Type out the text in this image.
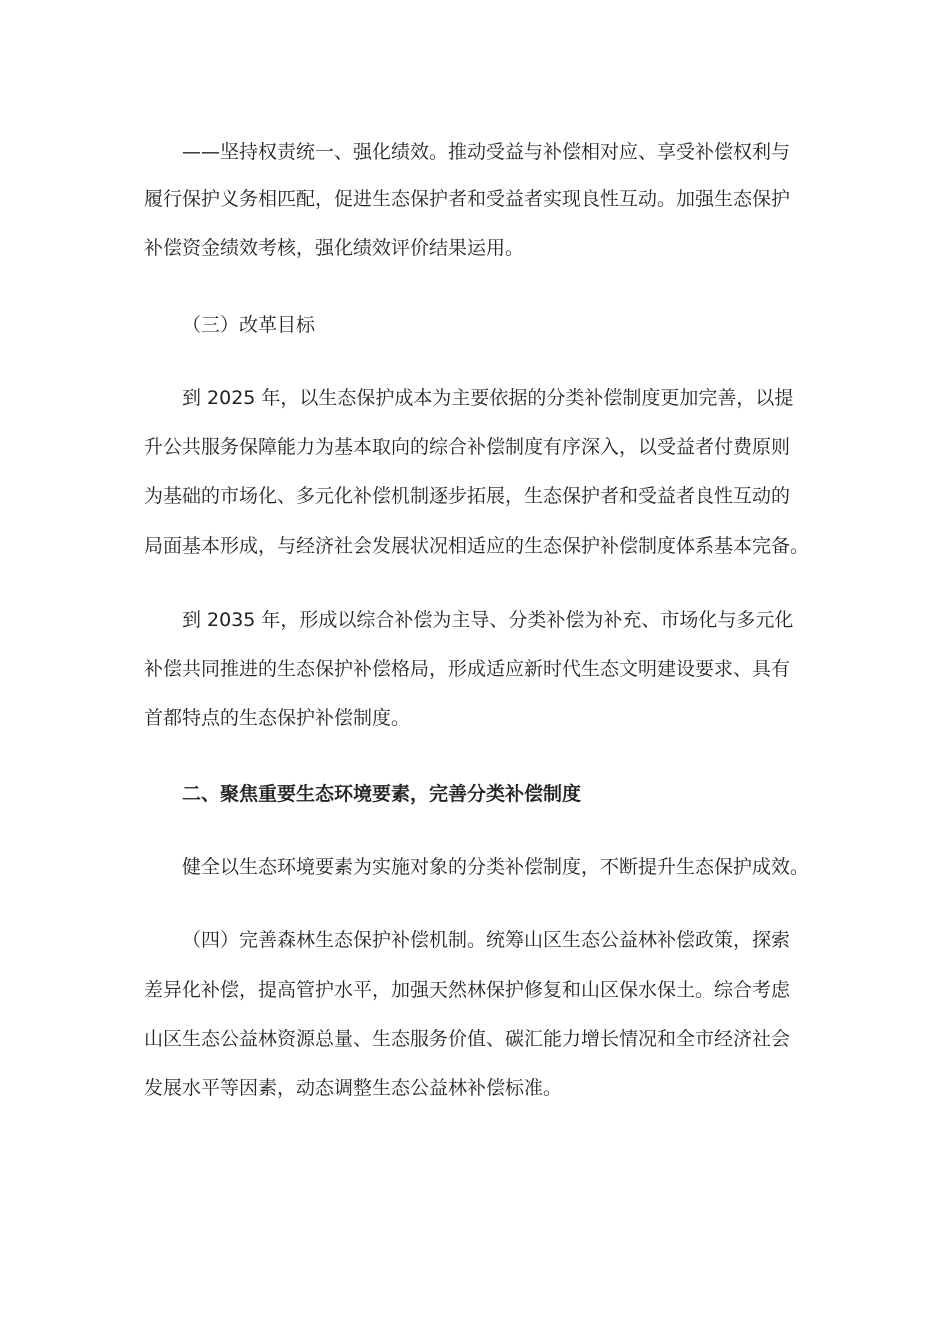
——坚持权责统一、强化绩效。推动受益与补偿相对应、享受补偿权利与
履行保护义务相匹配，促进生态保护者和受益者实现良性互动。加强生态保护
补偿资金绩效考核，强化绩效评价结果运用。
（三）改革目标
到 2025 年，以生态保护成本为主要依据的分类补偿制度更加完善，以提
升公共服务保障能力为基本取向的综合补偿制度有序深入，以受益者付费原则
为基础的市场化、多元化补偿机制逐步拓展，生态保护者和受益者良性互动的
局面基本形成，与经济社会发展状况相适应的生态保护补偿制度体系基本完备。
到 2035 年，形成以综合补偿为主导、分类补偿为补充、市场化与多元化
补偿共同推进的生态保护补偿格局，形成适应新时代生态文明建设要求、具有
首都特点的生态保护补偿制度。
二、聚焦重要生态环境要素，完善分类补偿制度
健全以生态环境要素为实施对象的分类补偿制度，不断提升生态保护成效。
（四）完善森林生态保护补偿机制。统筹山区生态公益林补偿政策，探索
差异化补偿，提高管护水平，加强天然林保护修复和山区保水保土。综合考虑
山区生态公益林资源总量、生态服务价值、碳汇能力增长情况和全市经济社会
发展水平等因素，动态调整生态公益林补偿标准。
